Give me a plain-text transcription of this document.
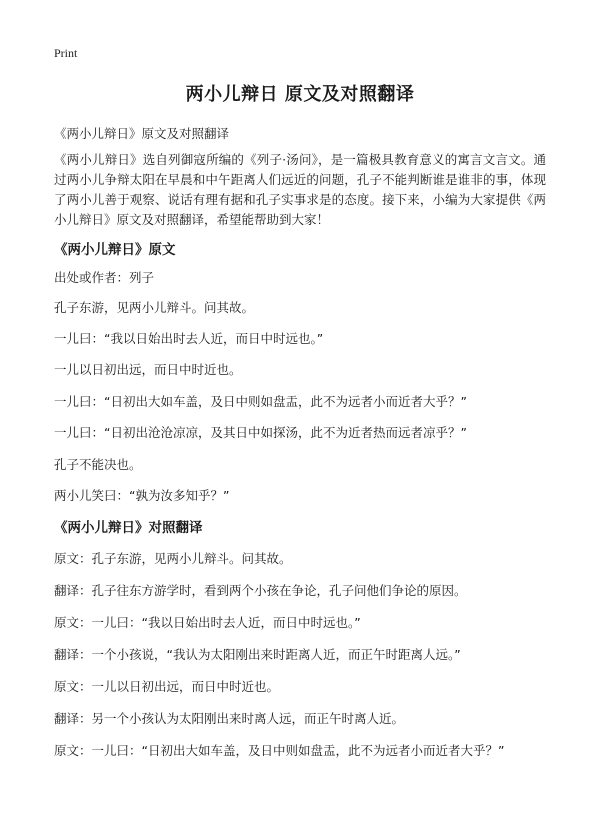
Print
两小儿辩日 原文及对照翻译
《两小儿辩日》原文及对照翻译
《两小儿辩日》选自列御寇所编的《列子·汤问》，是一篇极具教育意义的寓言文言文。通过两小儿争辩太阳在早晨和中午距离人们远近的问题，孔子不能判断谁是谁非的事，体现了两小儿善于观察、说话有理有据和孔子实事求是的态度。接下来，小编为大家提供《两小儿辩日》原文及对照翻译，希望能帮助到大家！
《两小儿辩日》原文
出处或作者：列子
孔子东游，见两小儿辩斗。问其故。
一儿曰：“我以日始出时去人近，而日中时远也。”
一儿以日初出远，而日中时近也。
一儿曰：“日初出大如车盖，及日中则如盘盂，此不为远者小而近者大乎？”
一儿曰：“日初出沧沧凉凉，及其日中如探汤，此不为近者热而远者凉乎？”
孔子不能决也。
两小儿笑曰：“孰为汝多知乎？”
《两小儿辩日》对照翻译
原文：孔子东游，见两小儿辩斗。问其故。
翻译：孔子往东方游学时，看到两个小孩在争论，孔子问他们争论的原因。
原文：一儿曰：“我以日始出时去人近，而日中时远也。”
翻译：一个小孩说，“我认为太阳刚出来时距离人近，而正午时距离人远。”
原文：一儿以日初出远，而日中时近也。
翻译：另一个小孩认为太阳刚出来时离人远，而正午时离人近。
原文：一儿曰：“日初出大如车盖，及日中则如盘盂，此不为远者小而近者大乎？”
